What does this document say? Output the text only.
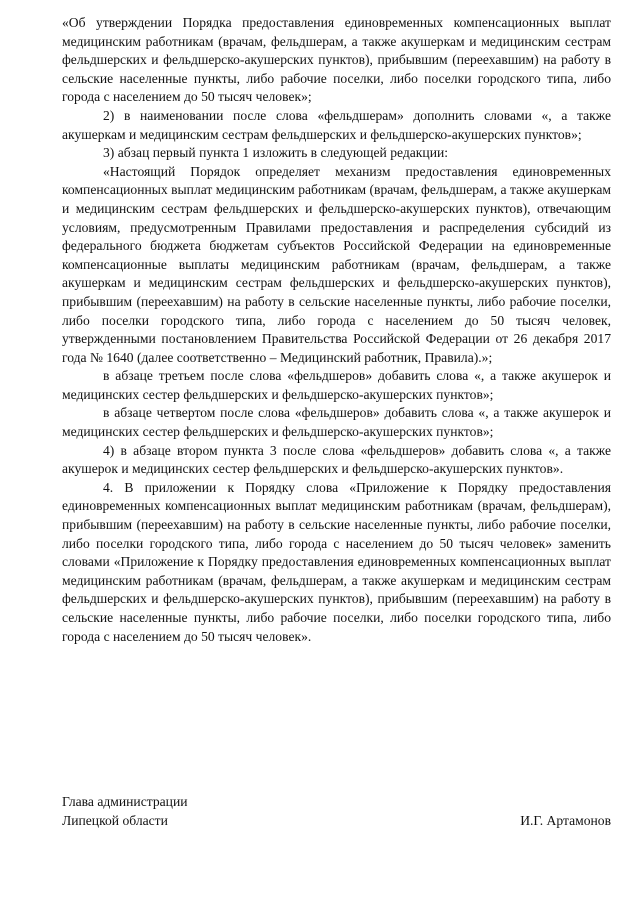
«Об утверждении Порядка предоставления единовременных компенсационных выплат медицинским работникам (врачам, фельдшерам, а также акушеркам и медицинским сестрам фельдшерских и фельдшерско-акушерских пунктов), прибывшим (переехавшим) на работу в сельские населенные пункты, либо рабочие поселки, либо поселки городского типа, либо города с населением до 50 тысяч человек»;

2) в наименовании после слова «фельдшерам» дополнить словами «, а также акушеркам и медицинским сестрам фельдшерских и фельдшерско-акушерских пунктов»;

3) абзац первый пункта 1 изложить в следующей редакции:

«Настоящий Порядок определяет механизм предоставления единовременных компенсационных выплат медицинским работникам (врачам, фельдшерам, а также акушеркам и медицинским сестрам фельдшерских и фельдшерско-акушерских пунктов), отвечающим условиям, предусмотренным Правилами предоставления и распределения субсидий из федерального бюджета бюджетам субъектов Российской Федерации на единовременные компенсационные выплаты медицинским работникам (врачам, фельдшерам, а также акушеркам и медицинским сестрам фельдшерских и фельдшерско-акушерских пунктов), прибывшим (переехавшим) на работу в сельские населенные пункты, либо рабочие поселки, либо поселки городского типа, либо города с населением до 50 тысяч человек, утвержденными постановлением Правительства Российской Федерации от 26 декабря 2017 года № 1640 (далее соответственно – Медицинский работник, Правила).»;

в абзаце третьем после слова «фельдшеров» добавить слова «, а также акушерок и медицинских сестер фельдшерских и фельдшерско-акушерских пунктов»;

в абзаце четвертом после слова «фельдшеров» добавить слова «, а также акушерок и медицинских сестер фельдшерских и фельдшерско-акушерских пунктов»;

4) в абзаце втором пункта 3 после слова «фельдшеров» добавить слова «, а также акушерок и медицинских сестер фельдшерских и фельдшерско-акушерских пунктов».

4. В приложении к Порядку слова «Приложение к Порядку предоставления единовременных компенсационных выплат медицинским работникам (врачам, фельдшерам), прибывшим (переехавшим) на работу в сельские населенные пункты, либо рабочие поселки, либо поселки городского типа, либо города с населением до 50 тысяч человек» заменить словами «Приложение к Порядку предоставления единовременных компенсационных выплат медицинским работникам (врачам, фельдшерам, а также акушеркам и медицинским сестрам фельдшерских и фельдшерско-акушерских пунктов), прибывшим (переехавшим) на работу в сельские населенные пункты, либо рабочие поселки, либо поселки городского типа, либо города с населением до 50 тысяч человек».

Глава администрации
Липецкой области	И.Г. Артамонов
